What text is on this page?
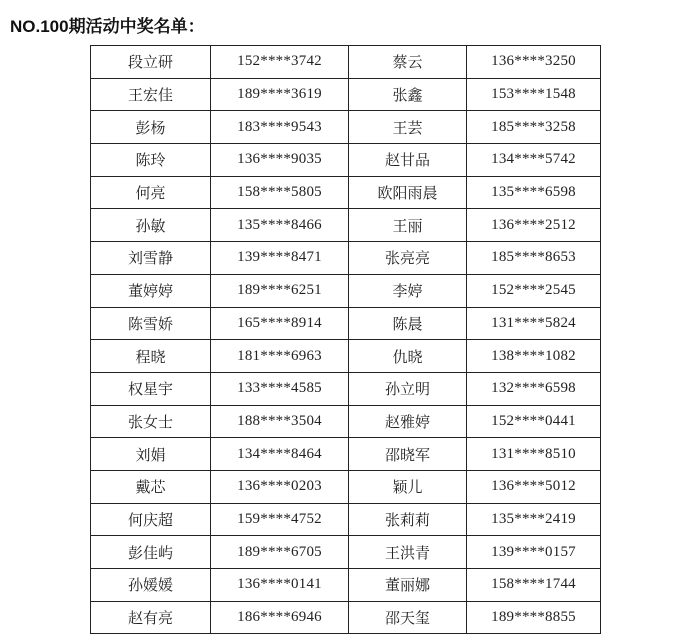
NO.100期活动中奖名单：
段立研	152****3742	蔡云	136****3250
王宏佳	189****3619	张鑫	153****1548
彭杨	183****9543	王芸	185****3258
陈玲	136****9035	赵甘品	134****5742
何亮	158****5805	欧阳雨晨	135****6598
孙敏	135****8466	王丽	136****2512
刘雪静	139****8471	张亮亮	185****8653
董婷婷	189****6251	李婷	152****2545
陈雪娇	165****8914	陈晨	131****5824
程晓	181****6963	仇晓	138****1082
权星宇	133****4585	孙立明	132****6598
张女士	188****3504	赵雅婷	152****0441
刘娟	134****8464	邵晓军	131****8510
戴芯	136****0203	颖儿	136****5012
何庆超	159****4752	张莉莉	135****2419
彭佳屿	189****6705	王洪青	139****0157
孙媛媛	136****0141	董丽娜	158****1744
赵有亮	186****6946	邵天玺	189****8855
